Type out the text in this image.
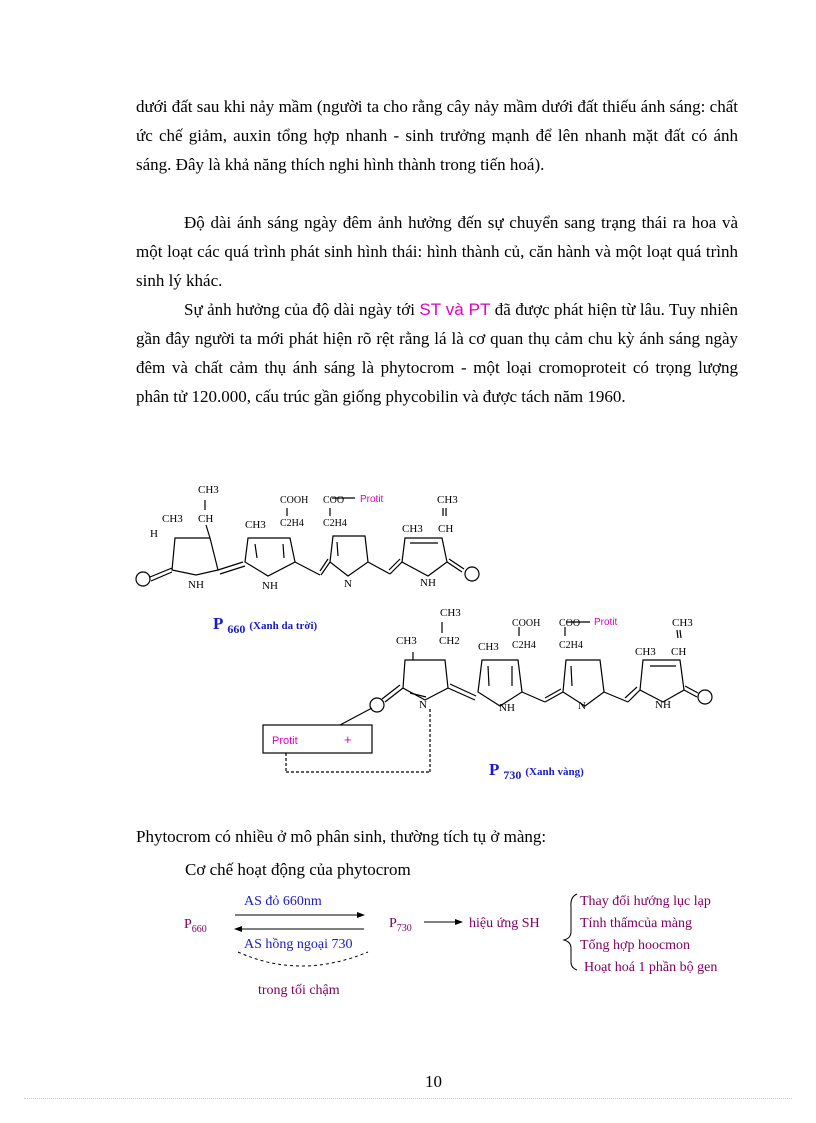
dưới đất sau khi nảy mầm (người ta cho rằng cây nảy mầm dưới đất thiếu ánh sáng: chất ức chế giảm, auxin tổng hợp nhanh - sinh trưởng mạnh để lên nhanh mặt đất có ánh sáng. Đây là khả năng thích nghi hình thành trong tiến hoá).

Độ dài ánh sáng ngày đêm ảnh hưởng đến sự chuyển sang trạng thái ra hoa và một loạt các quá trình phát sinh hình thái: hình thành củ, căn hành và một loạt quá trình sinh lý khác.

Sự ảnh hưởng của độ dài ngày tới ST và PT đã được phát hiện từ lâu. Tuy nhiên gần đây người ta mới phát hiện rõ rệt rằng lá là cơ quan thụ cảm chu kỳ ánh sáng ngày đêm và chất cảm thụ ánh sáng là phytocrom - một loại cromoproteit có trọng lượng phân tử 120.000, cấu trúc gần giống phycobilin và được tách năm 1960.

CH3
CH3 CH
H
CH3
COOH
C2H4
COO
C2H4
Protit	CH3
CH3 CH
NH	NH	N	NH
CH3
CH3 CH2 CH3
COOH
C2H4
COO
C2H4
Protit	CH3
CH3 CH
N	NH	N	NH
Protit	+
P $_{660}$ $^{(Xanh da trời)}$
P $_{730}$ $^{(Xanh vàng)}$

Phytocrom có nhiều ở mô phân sinh, thường tích tụ ở màng:

Cơ chế hoạt động của phytocrom

$P_{660}$
AS đỏ 660nm
AS hồng ngoại 730
$P_{730}$	hiệu ứng SH
trong tối chậm
Thay đổi hướng lục lạp
Tính thấmcủa màng
Tổng hợp hoocmon
Hoạt hoá 1 phần bộ gen
10
